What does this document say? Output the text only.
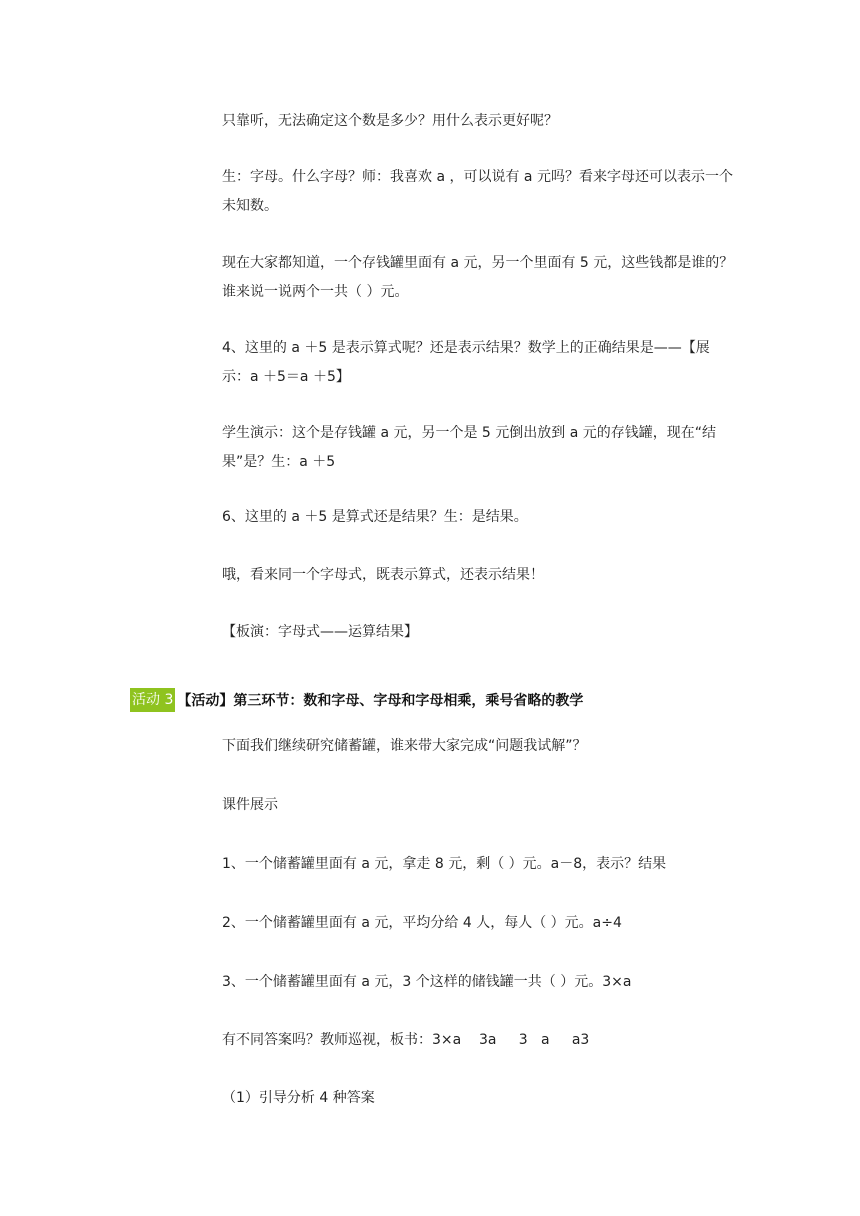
只靠听，无法确定这个数是多少？用什么表示更好呢？

生：字母。什么字母？师：我喜欢 a ，可以说有 a 元吗？看来字母还可以表示一个未知数。

现在大家都知道，一个存钱罐里面有 a 元，另一个里面有 5 元，这些钱都是谁的？谁来说一说两个一共（ ）元。

4、这里的 a ＋5 是表示算式呢？还是表示结果？数学上的正确结果是——【展示：a ＋5＝a ＋5】

学生演示：这个是存钱罐 a 元，另一个是 5 元倒出放到 a 元的存钱罐，现在“结果”是？生：a ＋5

6、这里的 a ＋5 是算式还是结果？生：是结果。

哦，看来同一个字母式，既表示算式，还表示结果！

【板演：字母式——运算结果】

活动 3 【活动】第三环节：数和字母、字母和字母相乘，乘号省略的教学

下面我们继续研究储蓄罐，谁来带大家完成“问题我试解”？

课件展示

1、一个储蓄罐里面有 a 元，拿走 8 元，剩（ ）元。a－8，表示？结果

2、一个储蓄罐里面有 a 元，平均分给 4 人，每人（ ）元。a÷4

3、一个储蓄罐里面有 a 元，3 个这样的储钱罐一共（ ）元。3×a

有不同答案吗？教师巡视，板书：3×a    3a     3   a     a3

（1）引导分析 4 种答案
